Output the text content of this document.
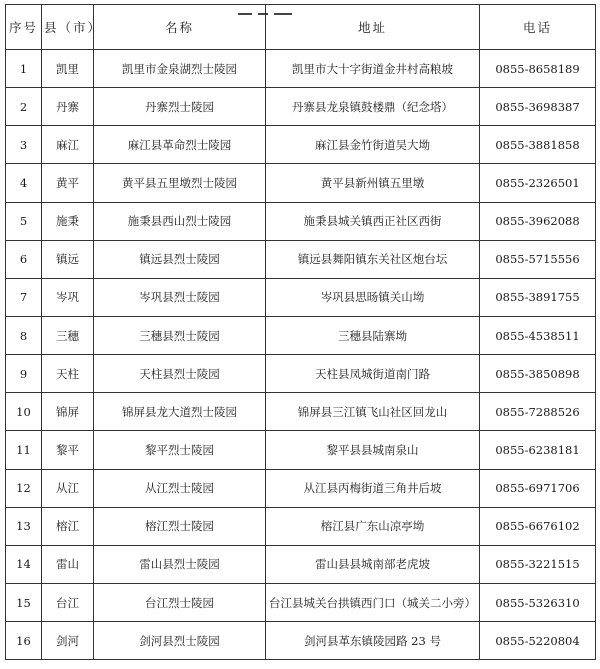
序号	县（市）	名称	地址	电话
1	凯里	凯里市金泉湖烈士陵园	凯里市大十字街道金井村高粮坡	0855-8658189
2	丹寨	丹寨烈士陵园	丹寨县龙泉镇鼓楼鼎（纪念塔）	0855-3698387
3	麻江	麻江县革命烈士陵园	麻江县金竹街道吴大坳	0855-3881858
4	黄平	黄平县五里墩烈士陵园	黄平县新州镇五里墩	0855-2326501
5	施秉	施秉县西山烈士陵园	施秉县城关镇西正社区西街	0855-3962088
6	镇远	镇远县烈士陵园	镇远县舞阳镇东关社区炮台坛	0855-5715556
7	岑巩	岑巩县烈士陵园	岑巩县思旸镇关山坳	0855-3891755
8	三穗	三穗县烈士陵园	三穗县陆寨坳	0855-4538511
9	天柱	天柱县烈士陵园	天柱县凤城街道南门路	0855-3850898
10	锦屏	锦屏县龙大道烈士陵园	锦屏县三江镇飞山社区回龙山	0855-7288526
11	黎平	黎平烈士陵园	黎平县县城南泉山	0855-6238181
12	从江	从江烈士陵园	从江县丙梅街道三角井后坡	0855-6971706
13	榕江	榕江烈士陵园	榕江县广东山凉亭坳	0855-6676102
14	雷山	雷山县烈士陵园	雷山县县城南部老虎坡	0855-3221515
15	台江	台江烈士陵园	台江县城关台拱镇西门口（城关二小旁）	0855-5326310
16	剑河	剑河县烈士陵园	剑河县革东镇陵园路 23 号	0855-5220804
